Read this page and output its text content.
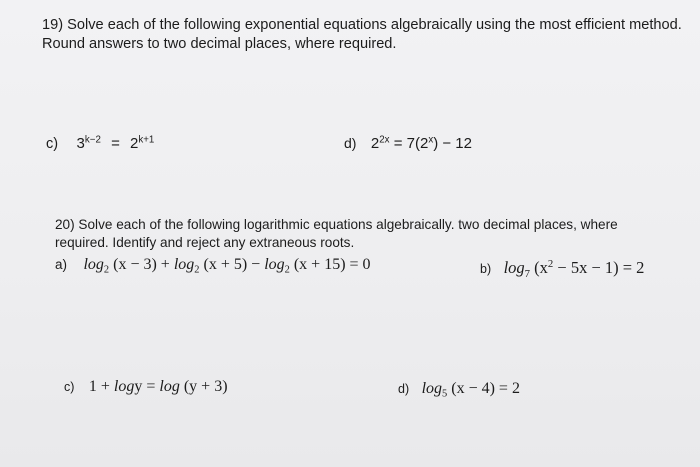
19) Solve each of the following exponential equations algebraically using the most efficient method.
Round answers to two decimal places, where required.
c) $3^{k-2} = 2^{k+1}$	d) $2^{2x} = 7(2^x) - 12$
20) Solve each of the following logarithmic equations algebraically. two decimal places, where
required. Identify and reject any extraneous roots.
a) $\log_2 (x - 3) + \log_2 (x + 5) - \log_2 (x + 15) = 0$	b) $\log_7 (x^2 - 5x - 1) = 2$
c) 1 + logy = log (y + 3)	d) $\log_5 (x - 4) = 2$
